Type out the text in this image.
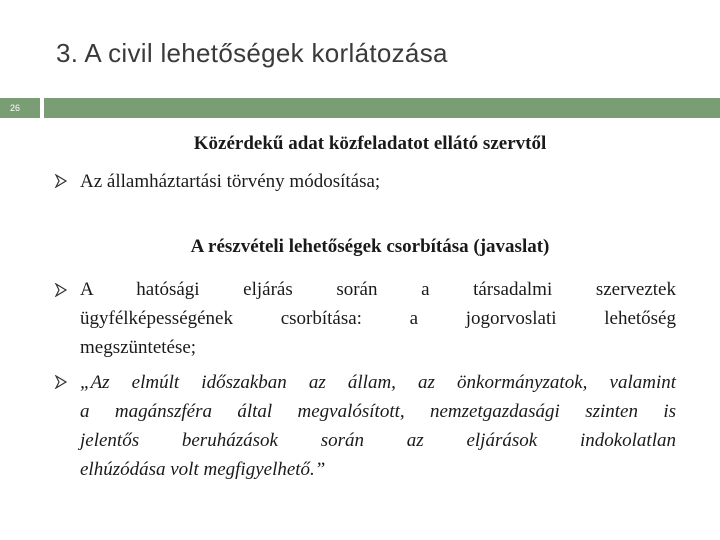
3. A civil lehetőségek korlátozása
26
Közérdekű adat közfeladatot ellátó szervtől
Az államháztartási törvény módosítása;
A részvételi lehetőségek csorbítása (javaslat)
A hatósági eljárás során a társadalmi szerveztek
ügyfélképességének csorbítása: a jogorvoslati lehetőség
megszüntetése;
„Az elmúlt időszakban az állam, az önkormányzatok, valamint
a magánszféra által megvalósított, nemzetgazdasági szinten is
jelentős beruházások során az eljárások indokolatlan
elhúzódása volt megfigyelhető.”
